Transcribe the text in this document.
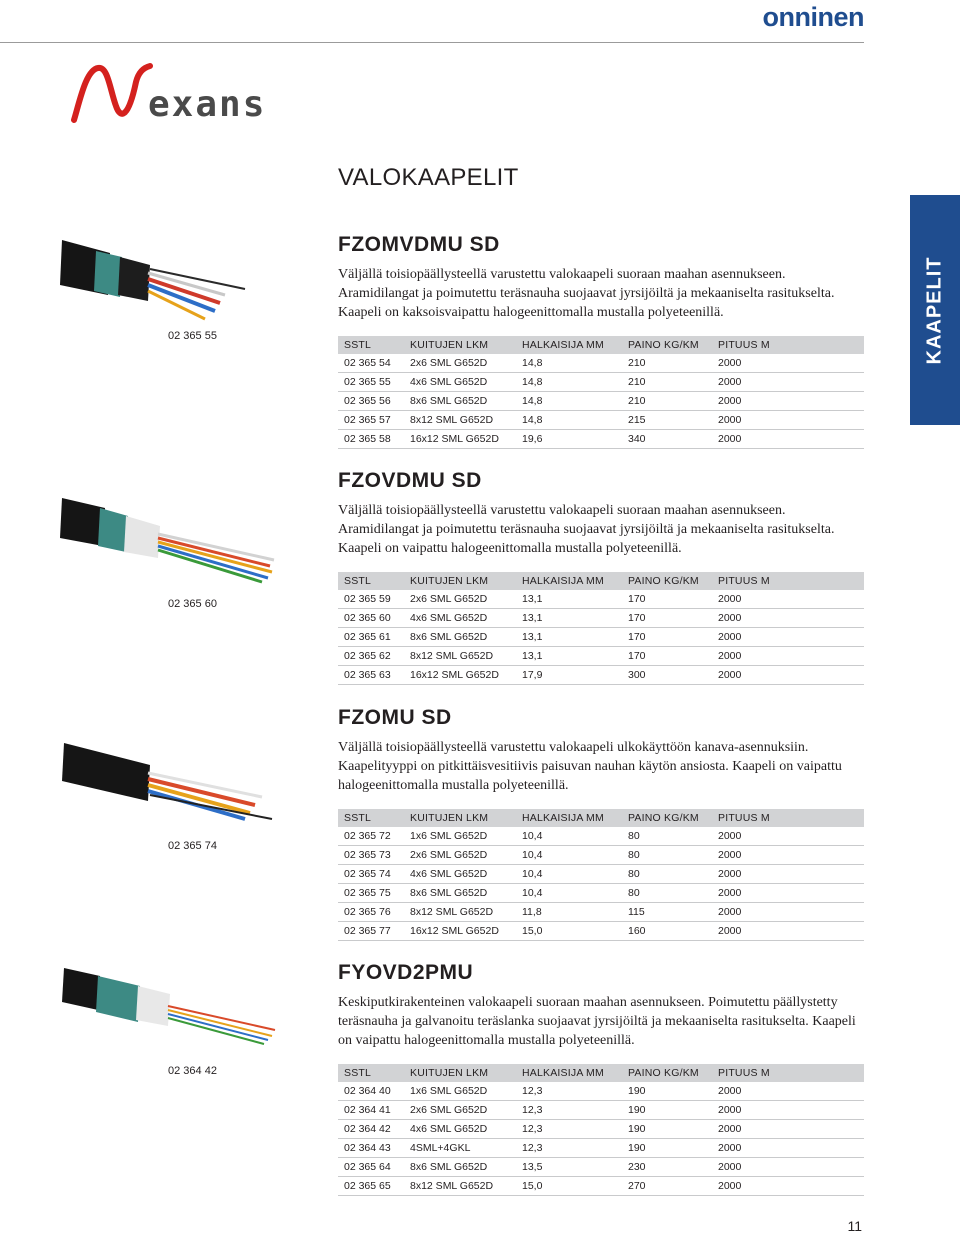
onninen
exans
KAAPELIT
VALOKAAPELIT
02 365 55
02 365 60
02 365 74
02 364 42
FZOMVDMU SD

Väljällä toisiopäällysteellä varustettu valokaapeli suoraan maahan asennukseen. Aramidilangat ja poimutettu teräsnauha suojaavat jyrsijöiltä ja mekaaniselta rasitukselta. Kaapeli on kaksoisvaipattu halogeenittomalla mustalla polyeteenillä.

SSTL	KUITUJEN LKM	HALKAISIJA MM	PAINO KG/KM	PITUUS M
02 365 54	2x6 SML G652D	14,8	210	2000
02 365 55	4x6 SML G652D	14,8	210	2000
02 365 56	8x6 SML G652D	14,8	210	2000
02 365 57	8x12 SML G652D	14,8	215	2000
02 365 58	16x12 SML G652D	19,6	340	2000
FZOVDMU SD

Väljällä toisiopäällysteellä varustettu valokaapeli suoraan maahan asennukseen. Aramidilangat ja poimutettu teräsnauha suojaavat jyrsijöiltä ja mekaaniselta rasitukselta. Kaapeli on vaipattu halogeenittomalla mustalla polyeteenillä.

SSTL	KUITUJEN LKM	HALKAISIJA MM	PAINO KG/KM	PITUUS M
02 365 59	2x6 SML G652D	13,1	170	2000
02 365 60	4x6 SML G652D	13,1	170	2000
02 365 61	8x6 SML G652D	13,1	170	2000
02 365 62	8x12 SML G652D	13,1	170	2000
02 365 63	16x12 SML G652D	17,9	300	2000
FZOMU SD

Väljällä toisiopäällysteellä varustettu valokaapeli ulkokäyttöön kanava-asennuksiin. Kaapelityyppi on pitkittäisvesitiivis paisuvan nauhan käytön ansiosta. Kaapeli on vaipattu halogeenittomalla mustalla polyeteenillä.

SSTL	KUITUJEN LKM	HALKAISIJA MM	PAINO KG/KM	PITUUS M
02 365 72	1x6 SML G652D	10,4	80	2000
02 365 73	2x6 SML G652D	10,4	80	2000
02 365 74	4x6 SML G652D	10,4	80	2000
02 365 75	8x6 SML G652D	10,4	80	2000
02 365 76	8x12 SML G652D	11,8	115	2000
02 365 77	16x12 SML G652D	15,0	160	2000
FYOVD2PMU

Keskiputkirakenteinen valokaapeli suoraan maahan asennukseen. Poimutettu päällystetty teräsnauha ja galvanoitu teräslanka suojaavat jyrsijöiltä ja mekaaniselta rasitukselta. Kaapeli on vaipattu halogeenittomalla mustalla polyeteenillä.

SSTL	KUITUJEN LKM	HALKAISIJA MM	PAINO KG/KM	PITUUS M
02 364 40	1x6 SML G652D	12,3	190	2000
02 364 41	2x6 SML G652D	12,3	190	2000
02 364 42	4x6 SML G652D	12,3	190	2000
02 364 43	4SML+4GKL	12,3	190	2000
02 365 64	8x6 SML G652D	13,5	230	2000
02 365 65	8x12 SML G652D	15,0	270	2000
11
